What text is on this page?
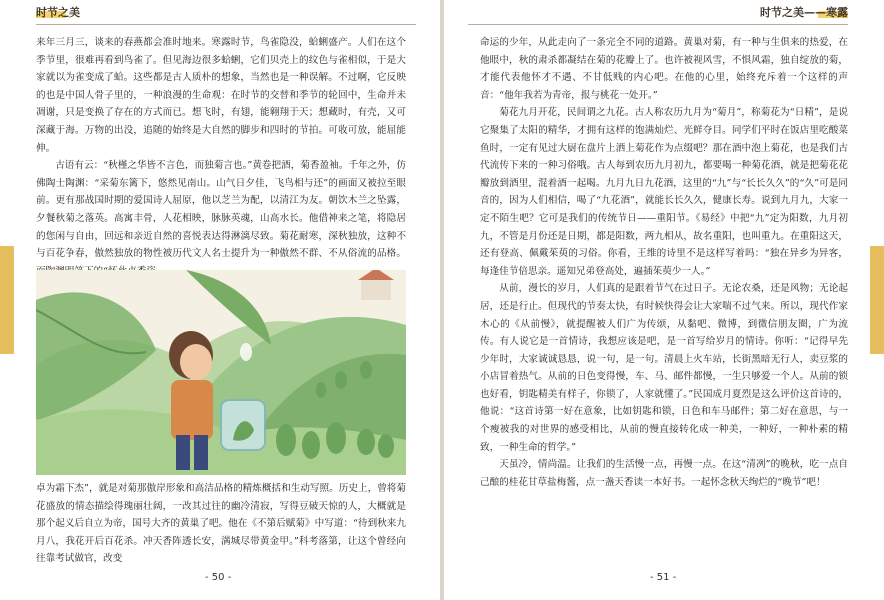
时节之美

来年三月三，谈来的春燕都会准时地来。寒露时节，鸟雀隐没，蛤蜊盛产。人们在这个季节里，很难再看到鸟雀了。但见海边很多蛤蜊，它们贝壳上的纹色与雀相似，于是大家就以为雀变成了蛤。这些都是古人质朴的想象，当然也是一种误解。不过啊，它反映的也是中国人骨子里的，一种浪漫的生命观：在时节的交替和季节的轮回中，生命并未凋谢，只是变换了存在的方式而已。想飞时，有翅，能翱翔于天；想藏时，有壳，又可深藏于海。万物的出没，追随的始终是大自然的脚步和四时的节拍。可收可放，能屈能伸。

古语有云：“秋槿之华皆不言色，而独菊言也。”黄卷把酒，菊香盈袖。千年之外，仿佛陶士陶渊：“采菊东篱下，悠然见南山。山气日夕佳，飞鸟相与还”的画面又被拉至眼前。更有那战国时期的爱国诗人屈原，他以芝兰为配，以清江为友。朝饮木兰之坠露，夕餐秋菊之落英。高寓丰骨，人花相映，脉脉英魂，山高水长。他借神来之笔，将隐居的您闲与自由，回远和亲近自然的喜悦表达得淋漓尽致。菊花耐寒，深秋独放，这种不与百花争春，傲然独放的物性被历代文人名士提升为一种傲然不群、不从俗流的品格。

卓为霜下杰”，就是对菊那傲岸形象和高洁品格的精炼概括和生动写照。历史上，曾将菊花盛放的情态描绘得瑰丽壮阔，一改其过往的幽冷清寂，写得豆破天惊的人，大概就是那个起义后自立为帝，国号大齐的黄巢了吧。他在《不第后赋菊》中写道：“待到秋来九月八，我花开后百花杀。冲天香阵透长安，满城尽带黄金甲。”科考落第，让这个曾经向往靠考试做官，改变

- 50 -
时节之美——寒露

命运的少年，从此走向了一条完全不同的道路。黄巢对菊，有一种与生俱来的热爱，在他眼中，秋的肃杀都凝结在菊的花瓣上了。也许被视风雪，不惧风霜，独自绽放的菊，才能代表他怀才不遇、不甘低贱的内心吧。在他的心里，始终充斥着一个这样的声音：“他年我若为青帝，报与桃花一处开。”

菊花九月开花，民间谓之九花。古人称农历九月为“菊月”，称菊花为“日精”，是说它聚集了太阳的精华，才拥有这样的饱满灿烂、光鲜夺目。同学们平时在饭店里吃酸菜鱼时，一定有见过大厨在盘片上洒上菊花作为点缀吧？那在酒中泡上菊花，也是我们古代流传下来的一种习俗哦。古人每到农历九月初九，都要喝一种菊花酒，就是把菊花花瓣放到酒里，混着酒一起喝。九月九日九花酒，这里的“九”与“长长久久”的“久”可是同音的，因为人们相信，喝了“九花酒”，就能长长久久，健康长寿。说到九月九，大家一定不陌生吧？它可是我们的传统节日——重阳节。《易经》中把“九”定为阳数，九月初九，不管是月份还是日期，都是阳数，两九相从，故名重阳，也叫重九。在重阳这天，还有登高、佩戴茱萸的习俗。你看，王维的诗里不是这样写着吗：“独在异乡为异客，每逢佳节倍思亲。遥知兄弟登高处，遍插茱萸少一人。”

从前，漫长的岁月，人们真的是跟着节气在过日子。无论农桑，还是风物；无论起居，还是行止。但现代的节奏太快，有时候快得会让大家喘不过气来。所以，现代作家木心的《从前慢》，就提醒被人们广为传颂，从黏吧、微博，到微信朋友圈，广为流传。有人说它是一首情诗，我想应该是吧，是一首写给岁月的情诗。你听：“记得早先少年时，大家诚诚恳恳，说一句，是一句。清晨上火车站，长街黑暗无行人，卖豆浆的小店冒着热气。从前的日色变得慢，车、马、邮件都慢，一生只够爱一个人。从前的锁也好看，钥匙精美有样子，你锁了，人家就懂了。”民国成月夏烈是这么评价这首诗的，他说：“这首诗第一好在意象，比如钥匙和锁，日色和车马邮件；第二好在意思，与一个瘦被我的对世界的感受相比，从前的慢直接转化成一种美，一种好，一种朴素的精致，一种生命的哲学。”

天虽冷，情尚温。让我们的生活慢一点，再慢一点。在这“清冽”的晚秋，吃一点自己酿的桂花甘草盐梅酱，点一盏天香读一本好书。一起怀念秋天绚烂的“晚节”吧！

- 51 -
